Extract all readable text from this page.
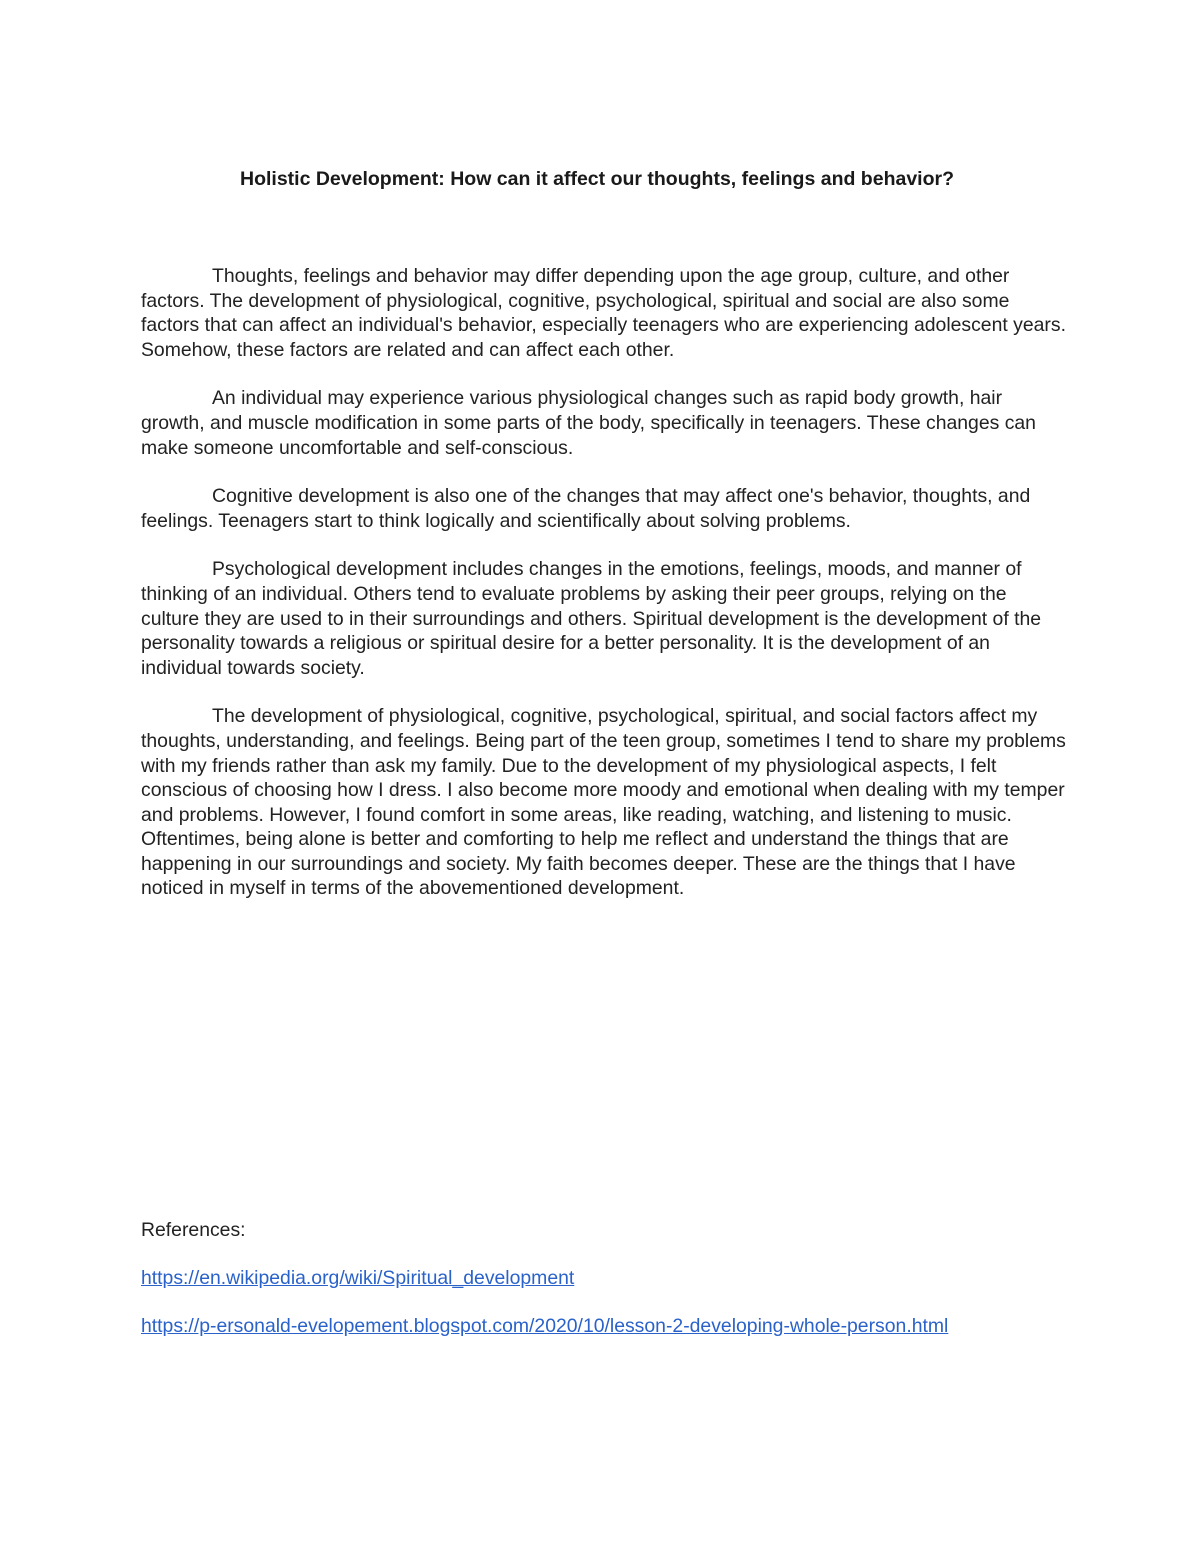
Holistic Development: How can it affect our thoughts, feelings and behavior?

Thoughts, feelings and behavior may differ depending upon the age group, culture, and other factors. The development of physiological, cognitive, psychological, spiritual and social are also some factors that can affect an individual's behavior, especially teenagers who are experiencing adolescent years. Somehow, these factors are related and can affect each other.

An individual may experience various physiological changes such as rapid body growth, hair growth, and muscle modification in some parts of the body, specifically in teenagers. These changes can make someone uncomfortable and self-conscious.

Cognitive development is also one of the changes that may affect one's behavior, thoughts, and feelings. Teenagers start to think logically and scientifically about solving problems.

Psychological development includes changes in the emotions, feelings, moods, and manner of thinking of an individual. Others tend to evaluate problems by asking their peer groups, relying on the culture they are used to in their surroundings and others. Spiritual development is the development of the personality towards a religious or spiritual desire for a better personality. It is the development of an individual towards society.

The development of physiological, cognitive, psychological, spiritual, and social factors affect my thoughts, understanding, and feelings. Being part of the teen group, sometimes I tend to share my problems with my friends rather than ask my family. Due to the development of my physiological aspects, I felt conscious of choosing how I dress. I also become more moody and emotional when dealing with my temper and problems. However, I found comfort in some areas, like reading, watching, and listening to music. Oftentimes, being alone is better and comforting to help me reflect and understand the things that are happening in our surroundings and society. My faith becomes deeper. These are the things that I have noticed in myself in terms of the abovementioned development.

References:
https://en.wikipedia.org/wiki/Spiritual_development
https://p-ersonald-evelopement.blogspot.com/2020/10/lesson-2-developing-whole-person.html
